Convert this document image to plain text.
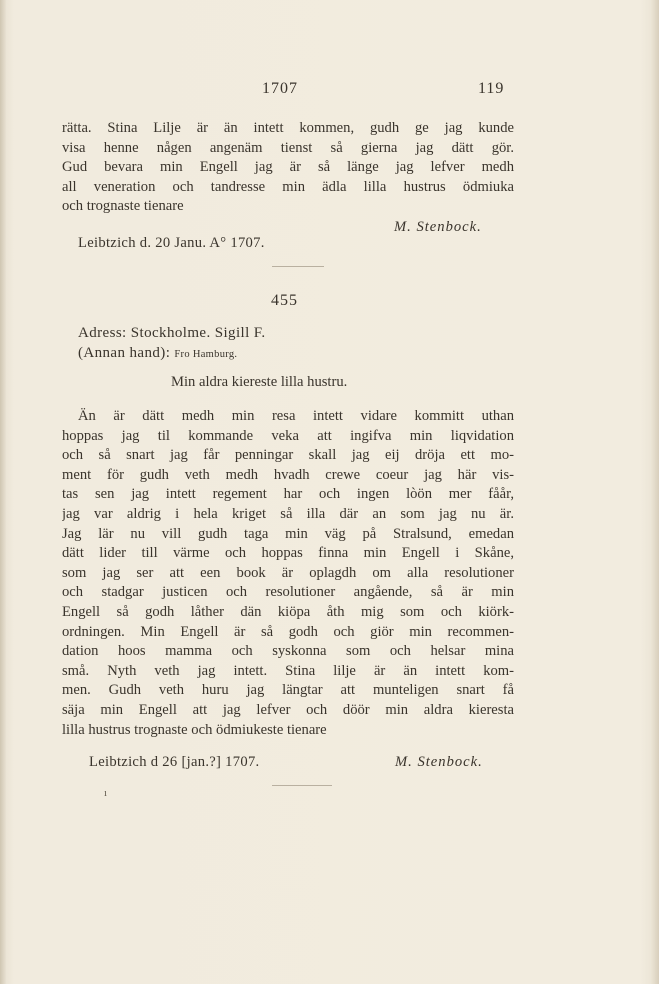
1707	119
rätta. Stina Lilje är än intett kommen, gudh ge jag kunde
visa henne någen angenäm tienst så gierna jag dätt gör.
Gud bevara min Engell jag är så länge jag lefver medh
all veneration och tandresse min ädla lilla hustrus ödmiuka
och trognaste tienare
M. Stenbock.
Leibtzich d. 20 Janu. A° 1707.
455
Adress: Stockholme. Sigill F.
(Annan hand): Fro Hamburg.
Min aldra kiereste lilla hustru.
Än är dätt medh min resa intett vidare kommitt uthan
hoppas jag til kommande veka att ingifva min liqvidation
och så snart jag får penningar skall jag eij dröja ett mo-
ment för gudh veth medh hvadh crewe coeur jag här vis-
tas sen jag intett regement har och ingen lòön mer fåår,
jag var aldrig i hela kriget så illa där an som jag nu är.
Jag lär nu vill gudh taga min väg på Stralsund, emedan
dätt lider till värme och hoppas finna min Engell i Skåne,
som jag ser att een book är oplagdh om alla resolutioner
och stadgar justicen och resolutioner angående, så är min
Engell så godh låther dän kiöpa åth mig som och kiörk-
ordningen. Min Engell är så godh och giör min recommen-
dation hoos mamma och syskonna som och helsar mina
små. Nyth veth jag intett. Stina lilje är än intett kom-
men. Gudh veth huru jag längtar att munteligen snart få
säja min Engell att jag lefver och döör min aldra kieresta
lilla hustrus trognaste och ödmiukeste tienare
Leibtzich d 26 [jan.?] 1707.	M. Stenbock.
ı
